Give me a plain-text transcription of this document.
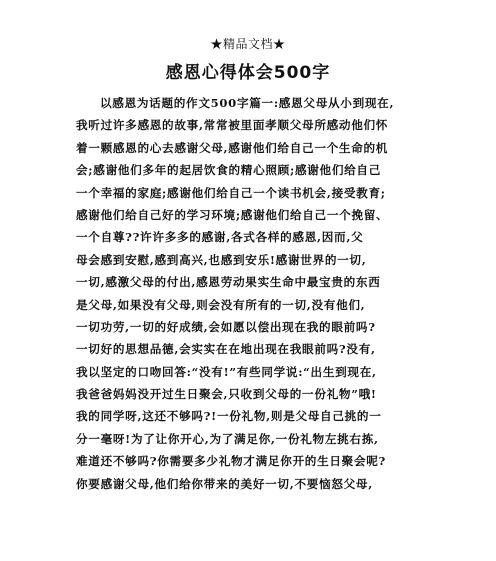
★精品文档★
感恩心得体会500字
以感恩为话题的作文500字篇一:感恩父母从小到现在,
我听过许多感恩的故事,常常被里面孝顺父母所感动他们怀
着一颗感恩的心去感谢父母,感谢他们给自己一个生命的机
会;感谢他们多年的起居饮食的精心照顾;感谢他们给自己
一个幸福的家庭;感谢他们给自己一个读书机会,接受教育;
感谢他们给自己好的学习环境;感谢他们给自己一个挽留、
一个自尊??许许多多的感谢,各式各样的感恩,因而,父
母会感到安慰,感到高兴,也感到安乐!感谢世界的一切,
一切,感激父母的付出,感恩劳动果实生命中最宝贵的东西
是父母,如果没有父母,则会没有所有的一切,没有他们,
一切功劳,一切的好成绩,会如愿以偿出现在我的眼前吗?
一切好的思想品德,会实实在在地出现在我眼前吗?没有,
我以坚定的口吻回答:“没有!”有些同学说:“出生到现在,
我爸爸妈妈没开过生日聚会,只收到父母的一份礼物”哦!
我的同学呀,这还不够吗?!一份礼物,则是父母自己挑的一
分一毫呀!为了让你开心,为了满足你,一份礼物左挑右拣,
难道还不够吗?你需要多少礼物才满足你开的生日聚会呢?
你要感谢父母,他们给你带来的美好一切,不要恼怒父母,
